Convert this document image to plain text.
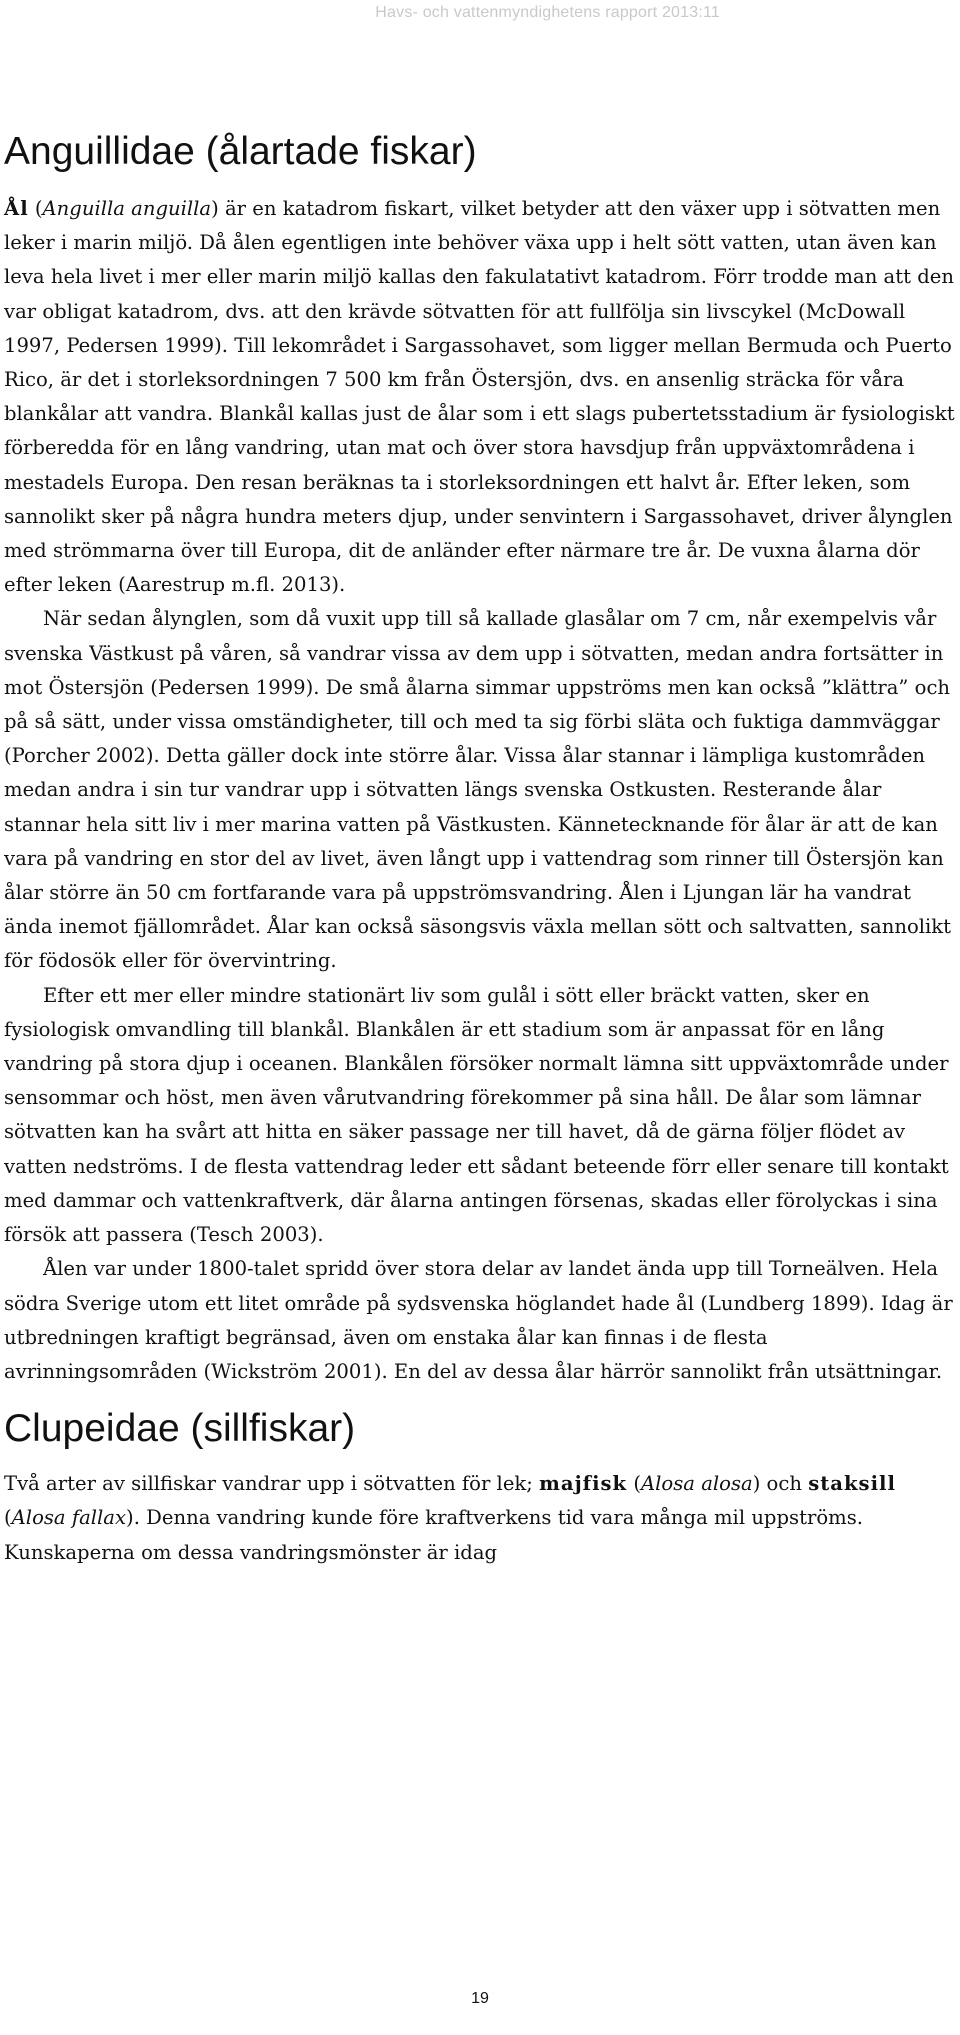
Havs- och vattenmyndighetens rapport 2013:11
Anguillidae (ålartade fiskar)

Ål (Anguilla anguilla) är en katadrom fiskart, vilket betyder att den växer upp i sötvatten men leker i marin miljö. Då ålen egentligen inte behöver växa upp i helt sött vatten, utan även kan leva hela livet i mer eller marin miljö kallas den fakulatativt katadrom. Förr trodde man att den var obligat katadrom, dvs. att den krävde sötvatten för att fullfölja sin livscykel (McDowall 1997, Pedersen 1999). Till lekområdet i Sargassohavet, som ligger mellan Bermuda och Puerto Rico, är det i storleksordningen 7 500 km från Östersjön, dvs. en ansenlig sträcka för våra blankålar att vandra. Blankål kallas just de ålar som i ett slags pubertetsstadium är fysiologiskt förberedda för en lång vandring, utan mat och över stora havsdjup från uppväxtområdena i mestadels Europa. Den resan beräknas ta i storleksordningen ett halvt år. Efter leken, som sannolikt sker på några hundra meters djup, under senvintern i Sargassohavet, driver ålynglen med strömmarna över till Europa, dit de anländer efter närmare tre år. De vuxna ålarna dör efter leken (Aarestrup m.fl. 2013).

När sedan ålynglen, som då vuxit upp till så kallade glasålar om 7 cm, når exempelvis vår svenska Västkust på våren, så vandrar vissa av dem upp i sötvatten, medan andra fortsätter in mot Östersjön (Pedersen 1999). De små ålarna simmar uppströms men kan också ”klättra” och på så sätt, under vissa omständigheter, till och med ta sig förbi släta och fuktiga dammväggar (Porcher 2002). Detta gäller dock inte större ålar. Vissa ålar stannar i lämpliga kustområden medan andra i sin tur vandrar upp i sötvatten längs svenska Ostkusten. Resterande ålar stannar hela sitt liv i mer marina vatten på Västkusten. Kännetecknande för ålar är att de kan vara på vandring en stor del av livet, även långt upp i vattendrag som rinner till Östersjön kan ålar större än 50 cm fortfarande vara på uppströmsvandring. Ålen i Ljungan lär ha vandrat ända inemot fjällområdet. Ålar kan också säsongsvis växla mellan sött och saltvatten, sannolikt för födosök eller för övervintring.

Efter ett mer eller mindre stationärt liv som gulål i sött eller bräckt vatten, sker en fysiologisk omvandling till blankål. Blankålen är ett stadium som är anpassat för en lång vandring på stora djup i oceanen. Blankålen försöker normalt lämna sitt uppväxtområde under sensommar och höst, men även vårutvandring förekommer på sina håll. De ålar som lämnar sötvatten kan ha svårt att hitta en säker passage ner till havet, då de gärna följer flödet av vatten nedströms. I de flesta vattendrag leder ett sådant beteende förr eller senare till kontakt med dammar och vattenkraftverk, där ålarna antingen försenas, skadas eller förolyckas i sina försök att passera (Tesch 2003).

Ålen var under 1800-talet spridd över stora delar av landet ända upp till Torneälven. Hela södra Sverige utom ett litet område på sydsvenska höglandet hade ål (Lundberg 1899). Idag är utbredningen kraftigt begränsad, även om enstaka ålar kan finnas i de flesta avrinningsområden (Wickström 2001). En del av dessa ålar härrör sannolikt från utsättningar.

Clupeidae (sillfiskar)

Två arter av sillfiskar vandrar upp i sötvatten för lek; majfisk (Alosa alosa) och staksill (Alosa fallax). Denna vandring kunde före kraftverkens tid vara många mil uppströms. Kunskaperna om dessa vandringsmönster är idag

19
